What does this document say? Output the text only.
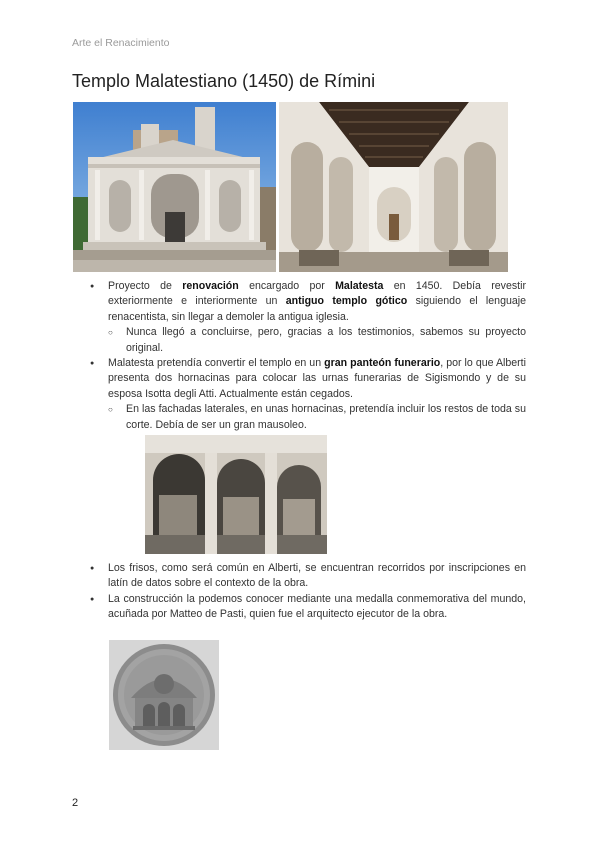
Arte el Renacimiento
Templo Malatestiano (1450) de Rímini
● Proyecto de renovación encargado por Malatesta en 1450. Debía revestir exteriormente e interiormente un antiguo templo gótico siguiendo el lenguaje renacentista, sin llegar a demoler la antigua iglesia.
○ Nunca llegó a concluirse, pero, gracias a los testimonios, sabemos su proyecto original.
● Malatesta pretendía convertir el templo en un gran panteón funerario, por lo que Alberti presenta dos hornacinas para colocar las urnas funerarias de Sigismondo y de su esposa Isotta degli Atti. Actualmente están cegados.
○ En las fachadas laterales, en unas hornacinas, pretendía incluir los restos de toda su corte. Debía de ser un gran mausoleo.
● Los frisos, como será común en Alberti, se encuentran recorridos por inscripciones en latín de datos sobre el contexto de la obra.
● La construcción la podemos conocer mediante una medalla conmemorativa del mundo, acuñada por Matteo de Pasti, quien fue el arquitecto ejecutor de la obra.
2
